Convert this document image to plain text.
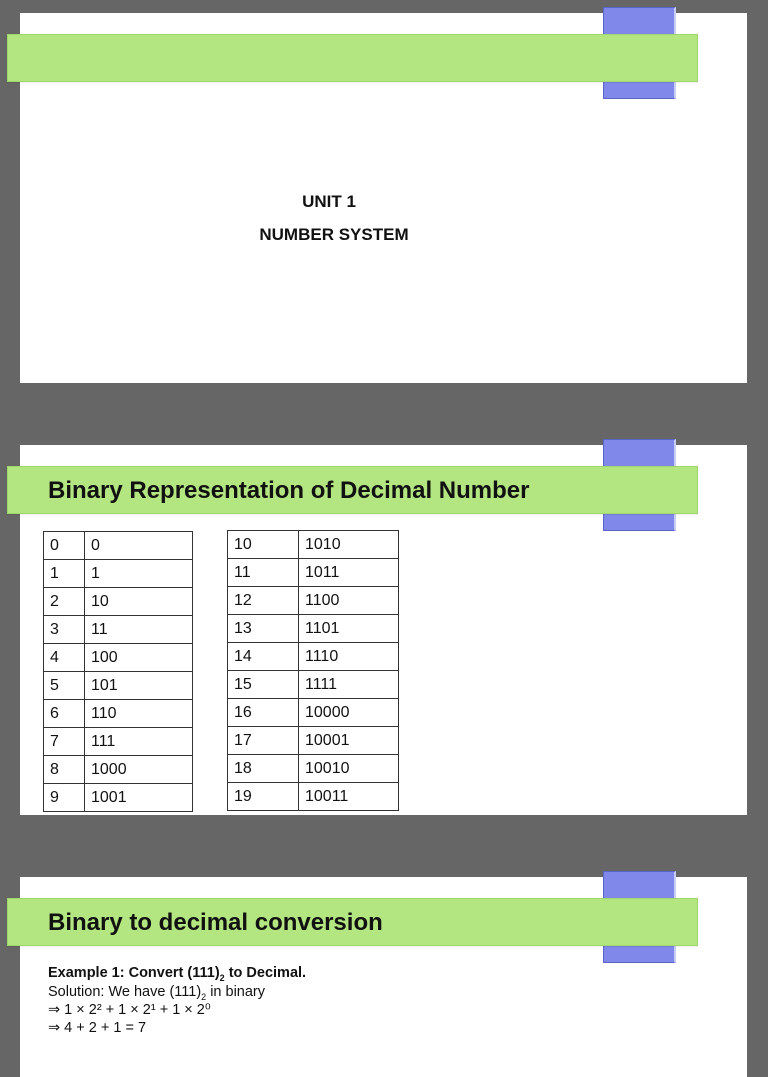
UNIT 1
NUMBER SYSTEM
Binary Representation of Decimal Number
0	0
1	1
2	10
3	11
4	100
5	101
6	110
7	111
8	1000
9	1001
10	1010
11	1011
12	1100
13	1101
14	1110
15	1111
16	10000
17	10001
18	10010
19	10011
Binary to decimal conversion
Example 1: Convert $(111)_2$ to Decimal.
Solution: We have $(111)_2$ in binary
⇒ 1 × 2² + 1 × 2¹ + 1 × 2⁰
⇒ 4 + 2 + 1 = 7
